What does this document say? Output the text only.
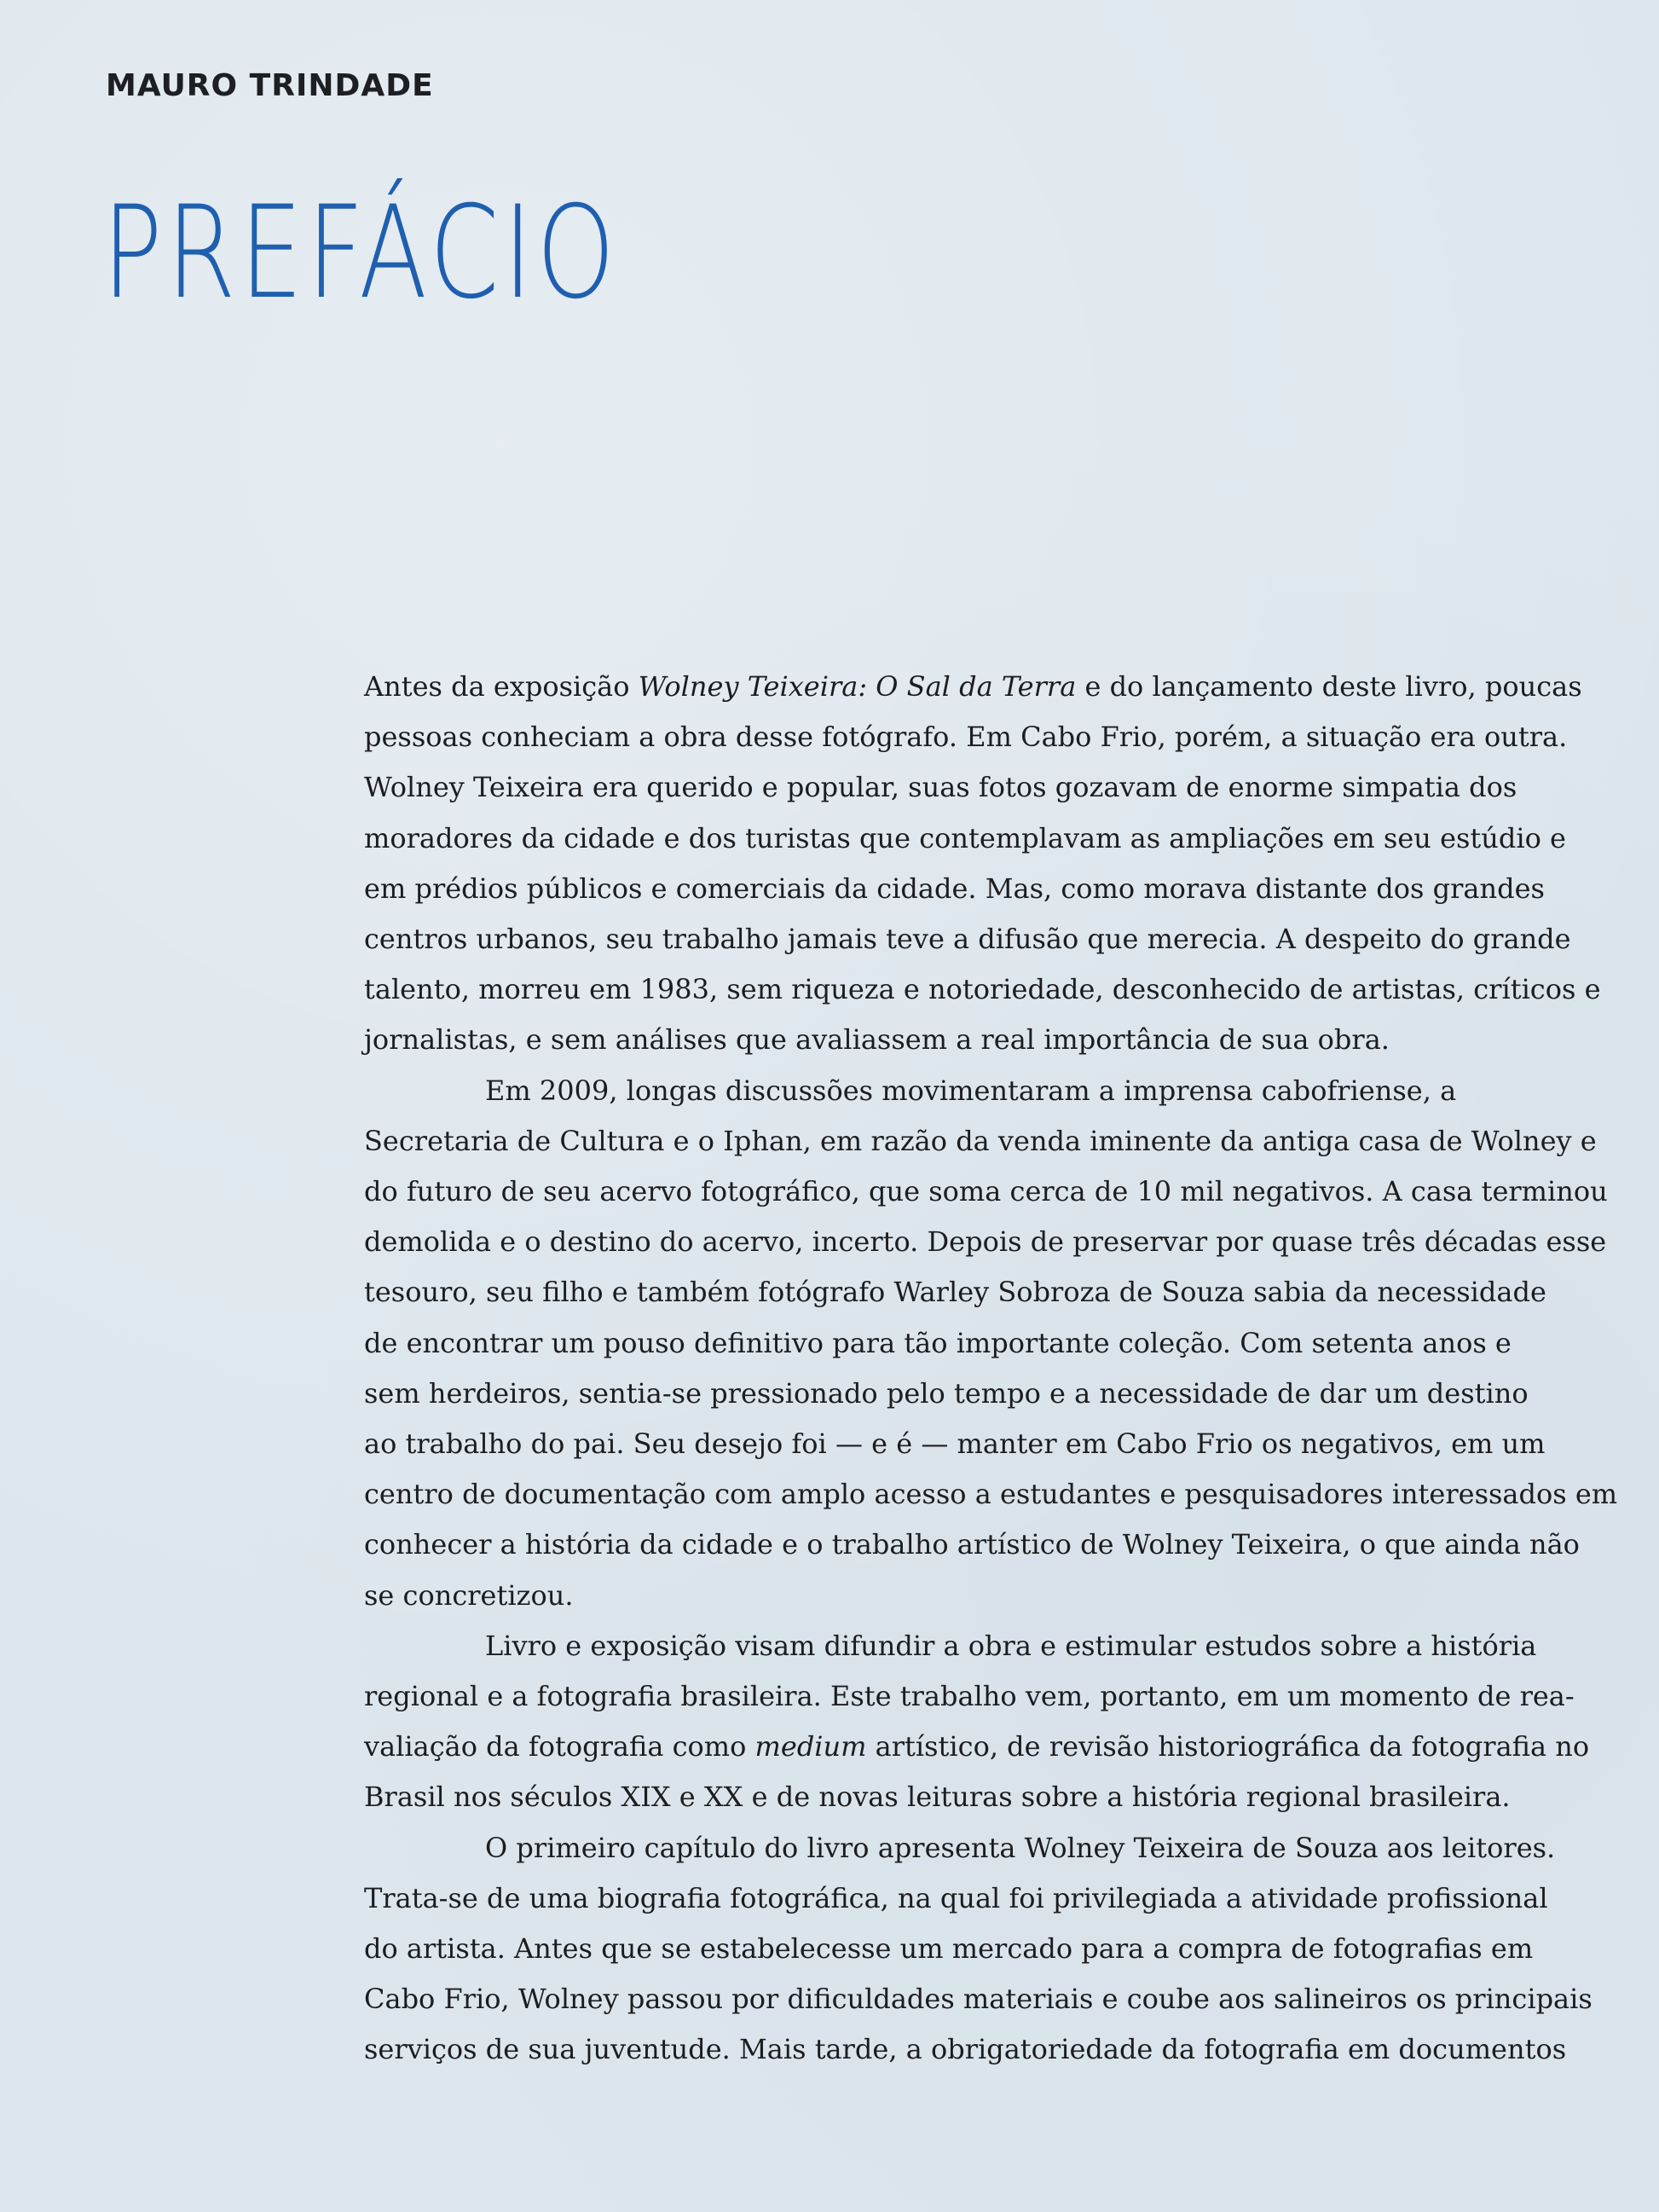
MAURO TRINDADE
PREFÁCIO

Antes da exposição Wolney Teixeira: O Sal da Terra e do lançamento deste livro, poucas
pessoas conheciam a obra desse fotógrafo. Em Cabo Frio, porém, a situação era outra.
Wolney Teixeira era querido e popular, suas fotos gozavam de enorme simpatia dos
moradores da cidade e dos turistas que contemplavam as ampliações em seu estúdio e
em prédios públicos e comerciais da cidade. Mas, como morava distante dos grandes
centros urbanos, seu trabalho jamais teve a difusão que merecia. A despeito do grande
talento, morreu em 1983, sem riqueza e notoriedade, desconhecido de artistas, críticos e
jornalistas, e sem análises que avaliassem a real importância de sua obra.

Em 2009, longas discussões movimentaram a imprensa cabofriense, a
Secretaria de Cultura e o Iphan, em razão da venda iminente da antiga casa de Wolney e
do futuro de seu acervo fotográfico, que soma cerca de 10 mil negativos. A casa terminou
demolida e o destino do acervo, incerto. Depois de preservar por quase três décadas esse
tesouro, seu filho e também fotógrafo Warley Sobroza de Souza sabia da necessidade
de encontrar um pouso definitivo para tão importante coleção. Com setenta anos e
sem herdeiros, sentia-se pressionado pelo tempo e a necessidade de dar um destino
ao trabalho do pai. Seu desejo foi — e é — manter em Cabo Frio os negativos, em um
centro de documentação com amplo acesso a estudantes e pesquisadores interessados em
conhecer a história da cidade e o trabalho artístico de Wolney Teixeira, o que ainda não
se concretizou.

Livro e exposição visam difundir a obra e estimular estudos sobre a história
regional e a fotografia brasileira. Este trabalho vem, portanto, em um momento de rea-
valiação da fotografia como medium artístico, de revisão historiográfica da fotografia no
Brasil nos séculos XIX e XX e de novas leituras sobre a história regional brasileira.

O primeiro capítulo do livro apresenta Wolney Teixeira de Souza aos leitores.
Trata-se de uma biografia fotográfica, na qual foi privilegiada a atividade profissional
do artista. Antes que se estabelecesse um mercado para a compra de fotografias em
Cabo Frio, Wolney passou por dificuldades materiais e coube aos salineiros os principais
serviços de sua juventude. Mais tarde, a obrigatoriedade da fotografia em documentos
